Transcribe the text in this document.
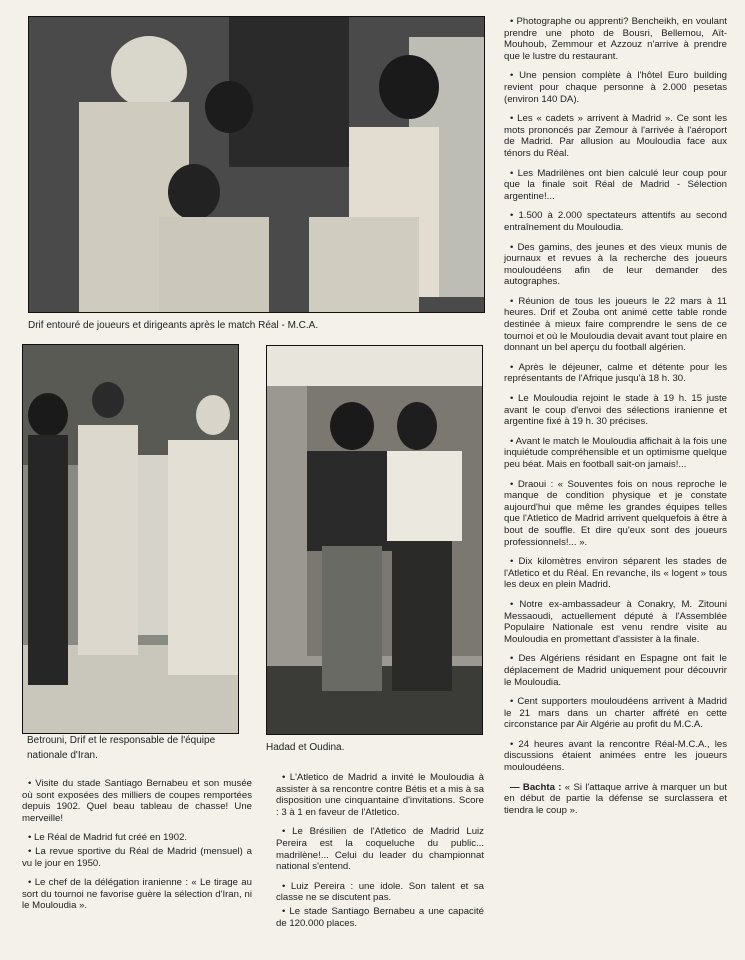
Drif entouré de joueurs et dirigeants après le match Réal - M.C.A.
Betrouni, Drif et le responsable de l'équipe nationale d'Iran.
Hadad et Oudina.

• Photographe ou apprenti? Bencheikh, en voulant prendre une photo de Bousri, Bellemou, Aït-Mouhoub, Zemmour et Azzouz n'arrive à prendre que le lustre du restaurant.

• Une pension complète à l'hôtel Euro building revient pour chaque personne à 2.000 pesetas (environ 140 DA).

• Les « cadets » arrivent à Madrid ». Ce sont les mots prononcés par Zemour à l'arrivée à l'aéroport de Madrid. Par allusion au Mouloudia face aux ténors du Réal.

• Les Madrilènes ont bien calculé leur coup pour que la finale soit Réal de Madrid - Sélection argentine!...

• 1.500 à 2.000 spectateurs attentifs au second entraînement du Mouloudia.

• Des gamins, des jeunes et des vieux munis de journaux et revues à la recherche des joueurs mouloudéens afin de leur demander des autographes.

• Réunion de tous les joueurs le 22 mars à 11 heures. Drif et Zouba ont animé cette table ronde destinée à mieux faire comprendre le sens de ce tournoi et où le Mouloudia devait avant tout plaire en donnant un bel aperçu du football algérien.

• Après le déjeuner, calme et détente pour les représentants de l'Afrique jusqu'à 18 h. 30.

• Le Mouloudia rejoint le stade à 19 h. 15 juste avant le coup d'envoi des sélections iranienne et argentine fixé à 19 h. 30 précises.

• Avant le match le Mouloudia affichait à la fois une inquiétude compréhensible et un optimisme quelque peu béat. Mais en football sait-on jamais!...

• Draoui : « Souventes fois on nous reproche le manque de condition physique et je constate aujourd'hui que même les grandes équipes telles que l'Atletico de Madrid arrivent quelquefois à être à bout de souffle. Et dire qu'eux sont des joueurs professionnels!... ».

• Dix kilomètres environ séparent les stades de l'Atletico et du Réal. En revanche, ils « logent » tous les deux en plein Madrid.

• Notre ex-ambassadeur à Conakry, M. Zitouni Messaoudi, actuellement député à l'Assemblée Populaire Nationale est venu rendre visite au Mouloudia en promettant d'assister à la finale.

• Des Algériens résidant en Espagne ont fait le déplacement de Madrid uniquement pour découvrir le Mouloudia.

• Cent supporters mouloudéens arrivent à Madrid le 21 mars dans un charter affrété en cette circonstance par Air Algérie au profit du M.C.A.

• 24 heures avant la rencontre Réal-M.C.A., les discussions étaient animées entre les joueurs mouloudéens.

— Bachta : « Si l'attaque arrive à marquer un but en début de partie la défense se surclassera et tiendra le coup ».

• Visite du stade Santiago Bernabeu et son musée où sont exposées des milliers de coupes remportées depuis 1902. Quel beau tableau de chasse! Une merveille!

• Le Réal de Madrid fut créé en 1902.

• La revue sportive du Réal de Madrid (mensuel) a vu le jour en 1950.

• Le chef de la délégation iranienne : « Le tirage au sort du tournoi ne favorise guère la sélection d'Iran, ni le Mouloudia ».

• L'Atletico de Madrid a invité le Mouloudia à assister à sa rencontre contre Bétis et a mis à sa disposition une cinquantaine d'invitations. Score : 3 à 1 en faveur de l'Atletico.

• Le Brésilien de l'Atletico de Madrid Luiz Pereira est la coqueluche du public... madrilène!... Celui du leader du championnat national s'entend.

• Luiz Pereira : une idole. Son talent et sa classe ne se discutent pas.

• Le stade Santiago Bernabeu a une capacité de 120.000 places.
